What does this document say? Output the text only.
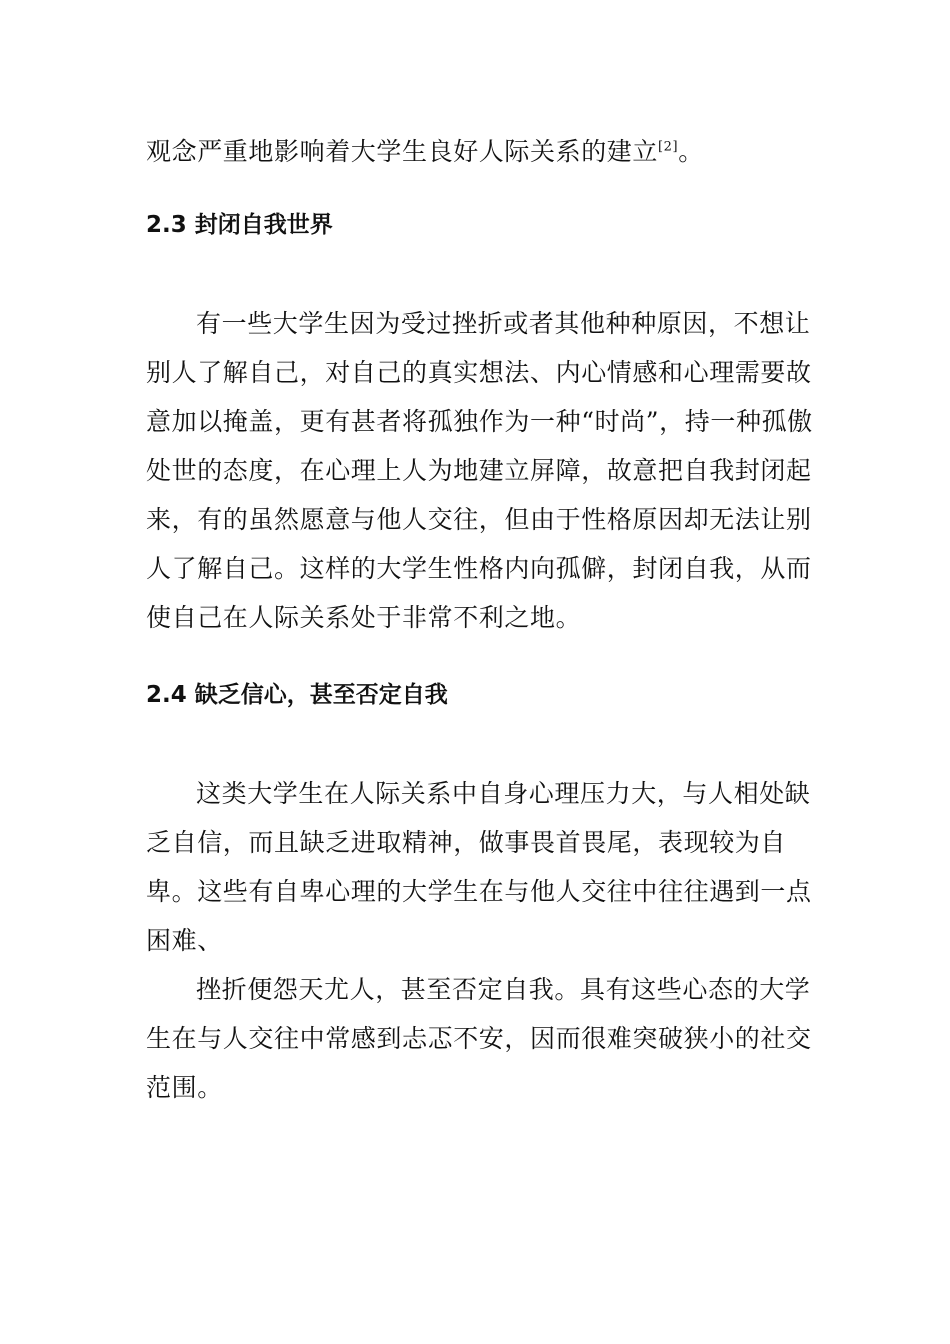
观念严重地影响着大学生良好人际关系的建立[2]。

2.3 封闭自我世界

有一些大学生因为受过挫折或者其他种种原因，不想让别人了解自己，对自己的真实想法、内心情感和心理需要故意加以掩盖，更有甚者将孤独作为一种“时尚”，持一种孤傲处世的态度，在心理上人为地建立屏障，故意把自我封闭起来，有的虽然愿意与他人交往，但由于性格原因却无法让别人了解自己。这样的大学生性格内向孤僻，封闭自我，从而使自己在人际关系处于非常不利之地。

2.4 缺乏信心，甚至否定自我

这类大学生在人际关系中自身心理压力大，与人相处缺乏自信，而且缺乏进取精神，做事畏首畏尾，表现较为自卑。这些有自卑心理的大学生在与他人交往中往往遇到一点困难、

挫折便怨天尤人，甚至否定自我。具有这些心态的大学生在与人交往中常感到忐忑不安，因而很难突破狭小的社交范围。
